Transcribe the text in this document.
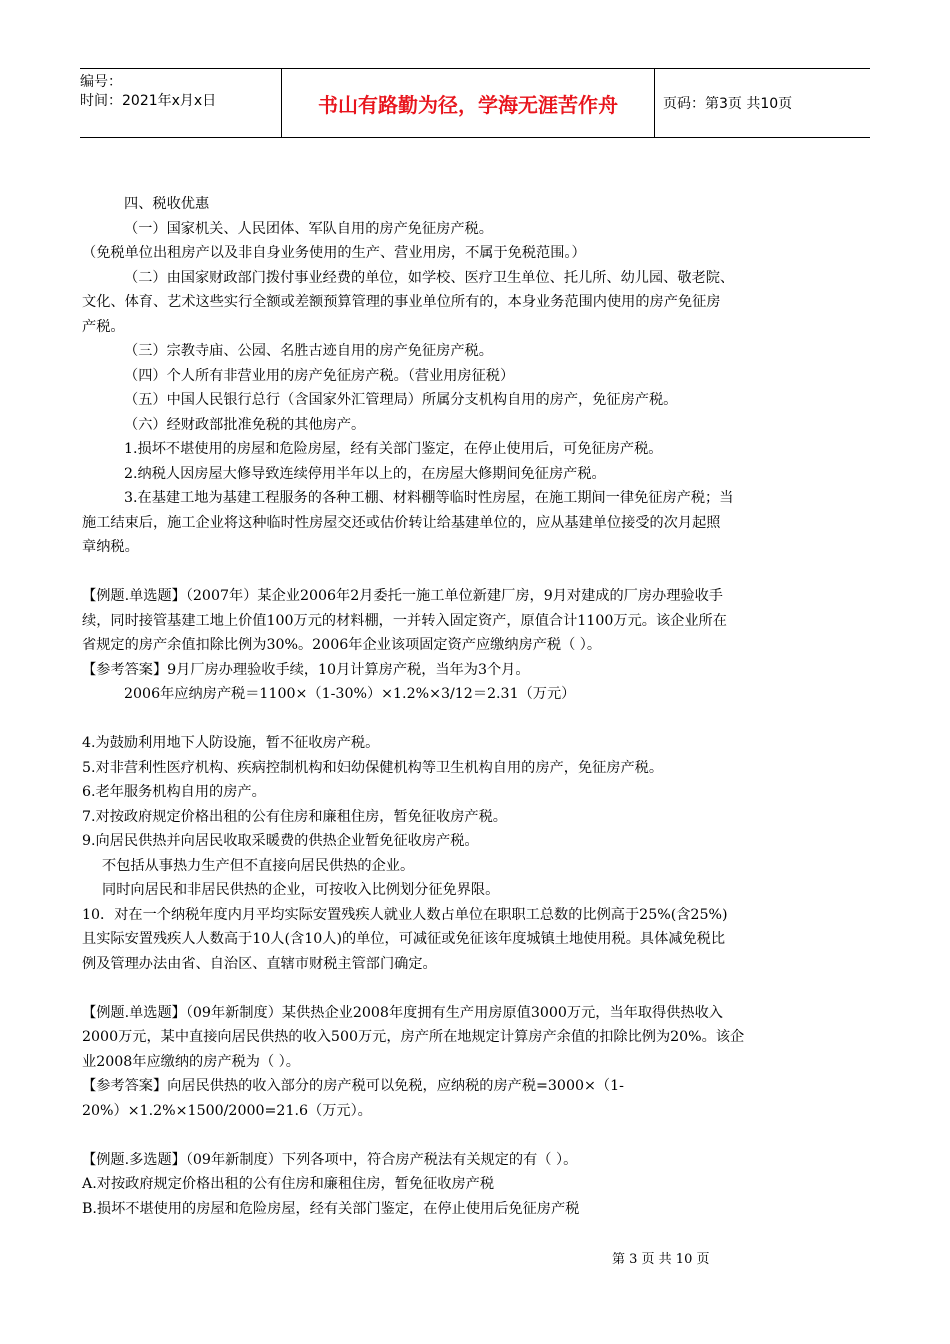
编号：
时间：2021年x月x日	书山有路勤为径，学海无涯苦作舟	页码：第3页 共10页
四、税收优惠
（一）国家机关、人民团体、军队自用的房产免征房产税。
（免税单位出租房产以及非自身业务使用的生产、营业用房，不属于免税范围。）
（二）由国家财政部门拨付事业经费的单位，如学校、医疗卫生单位、托儿所、幼儿园、敬老院、
文化、体育、艺术这些实行全额或差额预算管理的事业单位所有的，本身业务范围内使用的房产免征房
产税。
（三）宗教寺庙、公园、名胜古迹自用的房产免征房产税。
（四）个人所有非营业用的房产免征房产税。（营业用房征税）
（五）中国人民银行总行（含国家外汇管理局）所属分支机构自用的房产，免征房产税。
（六）经财政部批准免税的其他房产。
1.损坏不堪使用的房屋和危险房屋，经有关部门鉴定，在停止使用后，可免征房产税。
2.纳税人因房屋大修导致连续停用半年以上的，在房屋大修期间免征房产税。
3.在基建工地为基建工程服务的各种工棚、材料棚等临时性房屋，在施工期间一律免征房产税；当
施工结束后，施工企业将这种临时性房屋交还或估价转让给基建单位的，应从基建单位接受的次月起照
章纳税。
【例题.单选题】（2007年）某企业2006年2月委托一施工单位新建厂房，9月对建成的厂房办理验收手
续，同时接管基建工地上价值100万元的材料棚，一并转入固定资产，原值合计1100万元。该企业所在
省规定的房产余值扣除比例为30%。2006年企业该项固定资产应缴纳房产税（ ）。
【参考答案】9月厂房办理验收手续，10月计算房产税，当年为3个月。
2006年应纳房产税＝1100×（1-30%）×1.2%×3/12＝2.31（万元）
4.为鼓励利用地下人防设施，暂不征收房产税。
5.对非营利性医疗机构、疾病控制机构和妇幼保健机构等卫生机构自用的房产，免征房产税。
6.老年服务机构自用的房产。
7.对按政府规定价格出租的公有住房和廉租住房，暂免征收房产税。
9.向居民供热并向居民收取采暖费的供热企业暂免征收房产税。
不包括从事热力生产但不直接向居民供热的企业。
同时向居民和非居民供热的企业，可按收入比例划分征免界限。
10．对在一个纳税年度内月平均实际安置残疾人就业人数占单位在职职工总数的比例高于25%(含25%)
且实际安置残疾人人数高于10人(含10人)的单位，可减征或免征该年度城镇土地使用税。具体减免税比
例及管理办法由省、自治区、直辖市财税主管部门确定。
【例题.单选题】（09年新制度）某供热企业2008年度拥有生产用房原值3000万元，当年取得供热收入
2000万元，某中直接向居民供热的收入500万元，房产所在地规定计算房产余值的扣除比例为20%。该企
业2008年应缴纳的房产税为（ ）。
【参考答案】向居民供热的收入部分的房产税可以免税，应纳税的房产税=3000×（1-
20%）×1.2%×1500/2000=21.6（万元）。
【例题.多选题】（09年新制度）下列各项中，符合房产税法有关规定的有（ ）。
A.对按政府规定价格出租的公有住房和廉租住房，暂免征收房产税
B.损坏不堪使用的房屋和危险房屋，经有关部门鉴定，在停止使用后免征房产税
第 3 页 共 10 页
